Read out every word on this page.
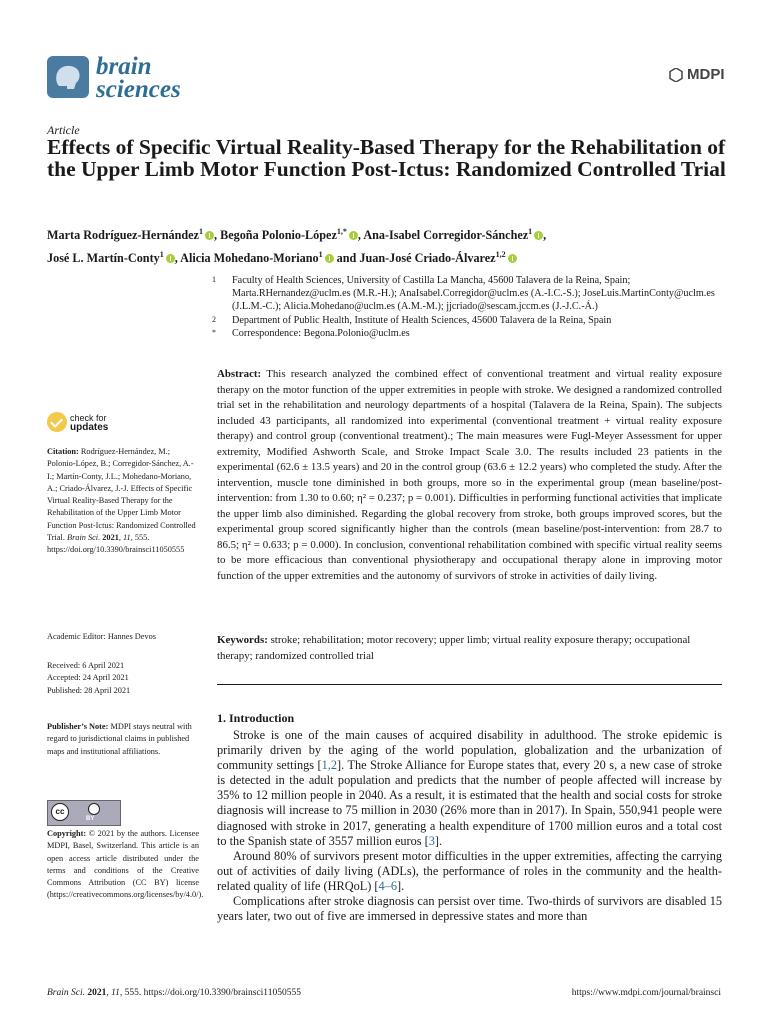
brain
sciences
MDPI
Article
Effects of Specific Virtual Reality-Based Therapy for the Rehabilitation of the Upper Limb Motor Function Post-Ictus: Randomized Controlled Trial
Marta Rodríguez-Hernández$^1$ , Begoña Polonio-López$^{1,*}$ , Ana-Isabel Corregidor-Sánchez$^1$ ,
José L. Martín-Conty$^1$ , Alicia Mohedano-Moriano$^1$ and Juan-José Criado-Álvarez$^{1,2}$
1 Faculty of Health Sciences, University of Castilla La Mancha, 45600 Talavera de la Reina, Spain; Marta.RHernandez@uclm.es (M.R.-H.); AnaIsabel.Corregidor@uclm.es (A.-I.C.-S.); JoseLuis.MartinConty@uclm.es (J.L.M.-C.); Alicia.Mohedano@uclm.es (A.M.-M.); jjcriado@sescam.jccm.es (J.-J.C.-Á.)
2 Department of Public Health, Institute of Health Sciences, 45600 Talavera de la Reina, Spain
* Correspondence: Begona.Polonio@uclm.es
Abstract: This research analyzed the combined effect of conventional treatment and virtual reality exposure therapy on the motor function of the upper extremities in people with stroke. We designed a randomized controlled trial set in the rehabilitation and neurology departments of a hospital (Talavera de la Reina, Spain). The subjects included 43 participants, all randomized into experimental (conventional treatment + virtual reality exposure therapy) and control group (conventional treatment).; The main measures were Fugl-Meyer Assessment for upper extremity, Modified Ashworth Scale, and Stroke Impact Scale 3.0. The results included 23 patients in the experimental (62.6 ± 13.5 years) and 20 in the control group (63.6 ± 12.2 years) who completed the study. After the intervention, muscle tone diminished in both groups, more so in the experimental group (mean baseline/post-intervention: from 1.30 to 0.60; η² = 0.237; p = 0.001). Difficulties in performing functional activities that implicate the upper limb also diminished. Regarding the global recovery from stroke, both groups improved scores, but the experimental group scored significantly higher than the controls (mean baseline/post-intervention: from 28.7 to 86.5; η² = 0.633; p = 0.000). In conclusion, conventional rehabilitation combined with specific virtual reality seems to be more efficacious than conventional physiotherapy and occupational therapy alone in improving motor function of the upper extremities and the autonomy of survivors of stroke in activities of daily living.
Keywords: stroke; rehabilitation; motor recovery; upper limb; virtual reality exposure therapy; occupational therapy; randomized controlled trial
1. Introduction

Stroke is one of the main causes of acquired disability in adulthood. The stroke epidemic is primarily driven by the aging of the world population, globalization and the urbanization of community settings [1,2]. The Stroke Alliance for Europe states that, every 20 s, a new case of stroke is detected in the adult population and predicts that the number of people affected will increase by 35% to 12 million people in 2040. As a result, it is estimated that the health and social costs for stroke diagnosis will increase to 75 million in 2030 (26% more than in 2017). In Spain, 550,941 people were diagnosed with stroke in 2017, generating a health expenditure of 1700 million euros and a total cost to the Spanish state of 3557 million euros [3].

Around 80% of survivors present motor difficulties in the upper extremities, affecting the carrying out of activities of daily living (ADLs), the performance of roles in the community and the health-related quality of life (HRQoL) [4–6].

Complications after stroke diagnosis can persist over time. Two-thirds of survivors are disabled 15 years later, two out of five are immersed in depressive states and more than

check for
updates
Citation: Rodríguez-Hernández, M.; Polonio-López, B.; Corregidor-Sánchez, A.-I.; Martín-Conty, J.L.; Mohedano-Moriano, A.; Criado-Álvarez, J.-J. Effects of Specific Virtual Reality-Based Therapy for the Rehabilitation of the Upper Limb Motor Function Post-Ictus: Randomized Controlled Trial. Brain Sci. 2021, 11, 555. https://doi.org/10.3390/brainsci11050555
Academic Editor: Hannes Devos
Received: 6 April 2021
Accepted: 24 April 2021
Published: 28 April 2021
Publisher’s Note: MDPI stays neutral with regard to jurisdictional claims in published maps and institutional affiliations.
cc
BY
Copyright: © 2021 by the authors. Licensee MDPI, Basel, Switzerland. This article is an open access article distributed under the terms and conditions of the Creative Commons Attribution (CC BY) license (https://creativecommons.org/licenses/by/4.0/).
Brain Sci. 2021, 11, 555. https://doi.org/10.3390/brainsci11050555	https://www.mdpi.com/journal/brainsci
